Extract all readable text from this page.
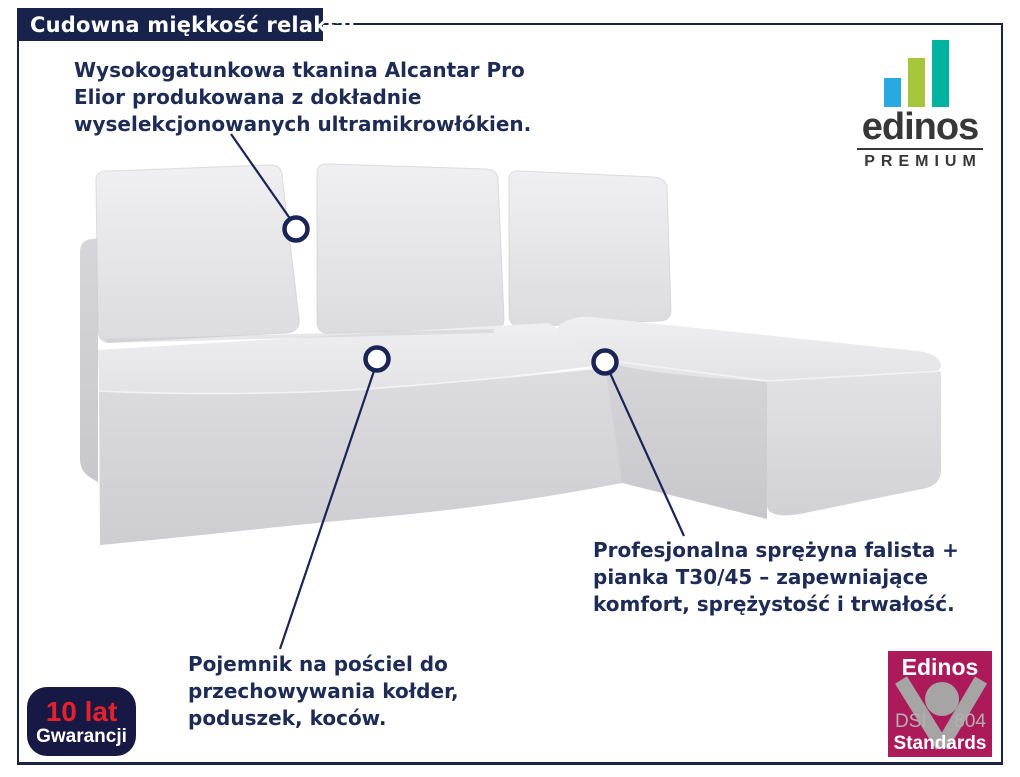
Cudowna miękkość relaksu
Wysokogatunkowa tkanina Alcantar Pro
Elior produkowana z dokładnie
wyselekcjonowanych ultramikrowłókien.
Profesjonalna sprężyna falista +
pianka T30/45 – zapewniające
komfort, sprężystość i trwałość.
Pojemnik na pościel do
przechowywania kołder,
poduszek, koców.
edinos
PREMIUM
10 lat
Gwarancji
Edinos
DSI 804
Standards
